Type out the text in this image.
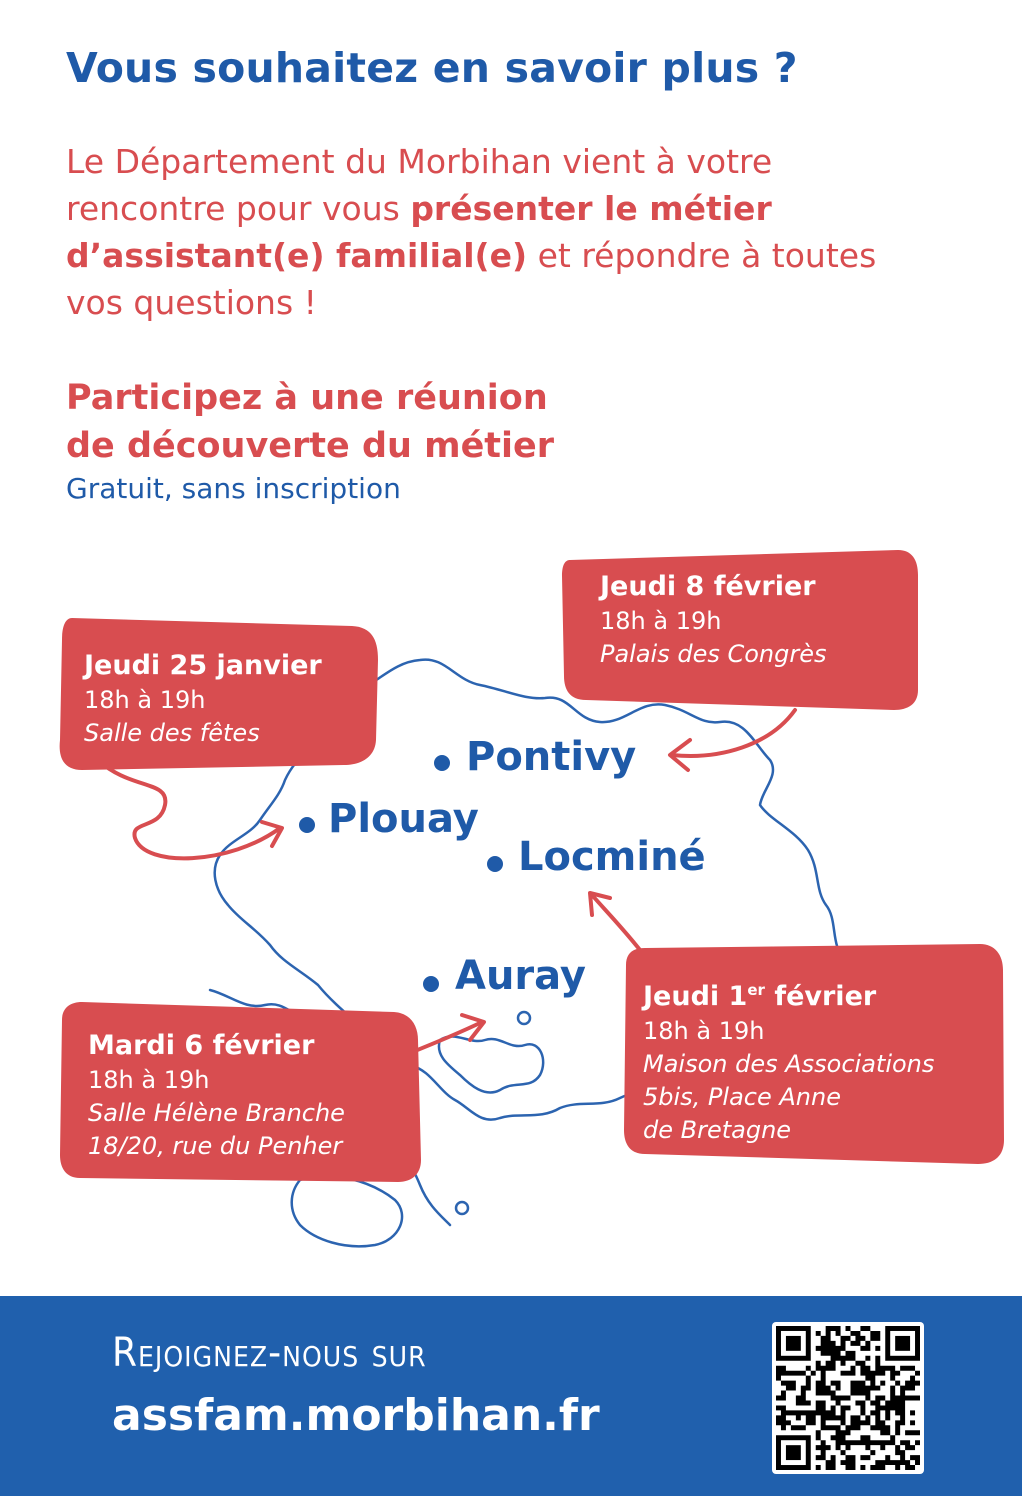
Vous souhaitez en savoir plus ?

Le Département du Morbihan vient à votre rencontre pour vous présenter le métier d’assistant(e) familial(e) et répondre à toutes vos questions !

Participez à une réunion
de découverte du métier

Gratuit, sans inscription

Pontivy
Plouay
Locminé
Auray
Jeudi 25 janvier
18h à 19h
Salle des fêtes
Jeudi 8 février
18h à 19h
Palais des Congrès
Jeudi 1er février
18h à 19h
Maison des Associations
5bis, Place Anne
de Bretagne
Mardi 6 février
18h à 19h
Salle Hélène Branche
18/20, rue du Penher

Rejoignez-nous sur

assfam.morbihan.fr
